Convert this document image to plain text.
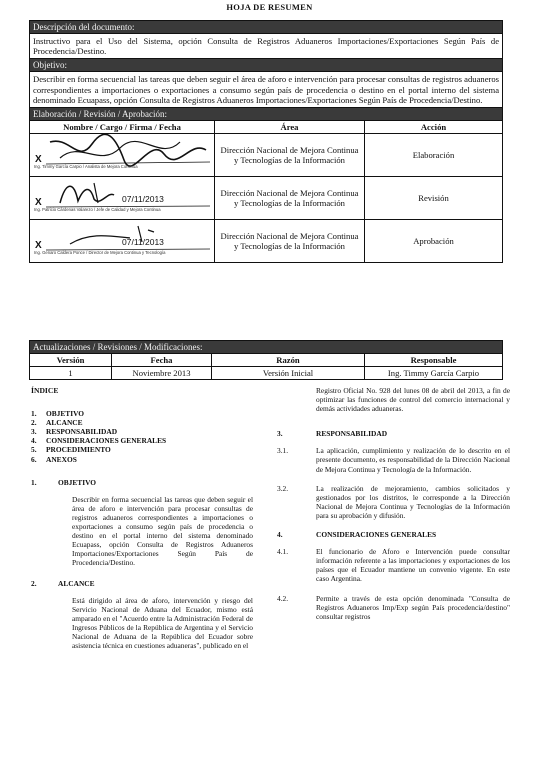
HOJA DE RESUMEN
Descripción del documento:		
Instructivo para el Uso del Sistema, opción Consulta de Registros Aduaneros Importaciones/Exportaciones Según País de Procedencia/Destino.		
Objetivo:		
Describir en forma secuencial las tareas que deben seguir el área de aforo e intervención para procesar consultas de registros aduaneros correspondientes a importaciones o exportaciones a consumo según país de procedencia o destino en el portal interno del sistema denominado Ecuapass, opción Consulta de Registros Aduaneros Importaciones/Exportaciones Según País de Procedencia/Destino.		
Elaboración / Revisión / Aprobación:		
Nombre / Cargo / Firma / Fecha	Área	Acción

X
Ing. Timmy García Carpio / Analista de Mejora Continua	Dirección Nacional de Mejora Continua y Tecnologías de la Información	Elaboración

X 07/11/2013
Ing. Patricio Cárdenas Valarezo / Jefe de Calidad y Mejora Continua	Dirección Nacional de Mejora Continua y Tecnologías de la Información	Revisión

X 07/11/2013
Ing. Genaro Caldera Ponce / Director de Mejora Continua y Tecnología	Dirección Nacional de Mejora Continua y Tecnologías de la Información	Aprobación
Actualizaciones / Revisiones / Modificaciones:			
Versión	Fecha	Razón	Responsable
1	Noviembre 2013	Versión Inicial	Ing. Timmy García Carpio
ÍNDICE
1.	OBJETIVO
2.	ALCANCE
3.	RESPONSABILIDAD
4.	CONSIDERACIONES GENERALES
5.	PROCEDIMIENTO
6.	ANEXOS
1.	OBJETIVO
Describir en forma secuencial las tareas que deben seguir el área de aforo e intervención para procesar consultas de registros aduaneros correspondientes a importaciones o exportaciones a consumo según país de procedencia o destino en el portal interno del sistema denominado Ecuapass, opción Consulta de Registros Aduaneros Importaciones/Exportaciones Según País de Procedencia/Destino.
2.	ALCANCE
Está dirigido al área de aforo, intervención y riesgo del Servicio Nacional de Aduana del Ecuador, mismo está amparado en el "Acuerdo entre la Administración Federal de Ingresos Públicos de la República de Argentina y el Servicio Nacional de Aduana de la República del Ecuador sobre asistencia técnica en cuestiones aduaneras", publicado en el
Registro Oficial No. 928 del lunes 08 de abril del 2013, a fin de optimizar las funciones de control del comercio internacional y demás actividades aduaneras.
3.	RESPONSABILIDAD
3.1.	La aplicación, cumplimiento y realización de lo descrito en el presente documento, es responsabilidad de la Dirección Nacional de Mejora Continua y Tecnología de la Información.
3.2.	La realización de mejoramiento, cambios solicitados y gestionados por los distritos, le corresponde a la Dirección Nacional de Mejora Continua y Tecnologías de la Información para su aprobación y difusión.
4.	CONSIDERACIONES GENERALES
4.1.	El funcionario de Aforo e Intervención puede consultar información referente a las importaciones y exportaciones de los países que el Ecuador mantiene un convenio vigente. En este caso Argentina.
4.2.	Permite a través de esta opción denominada "Consulta de Registros Aduaneros Imp/Exp según País procedencia/destino" consultar registros
